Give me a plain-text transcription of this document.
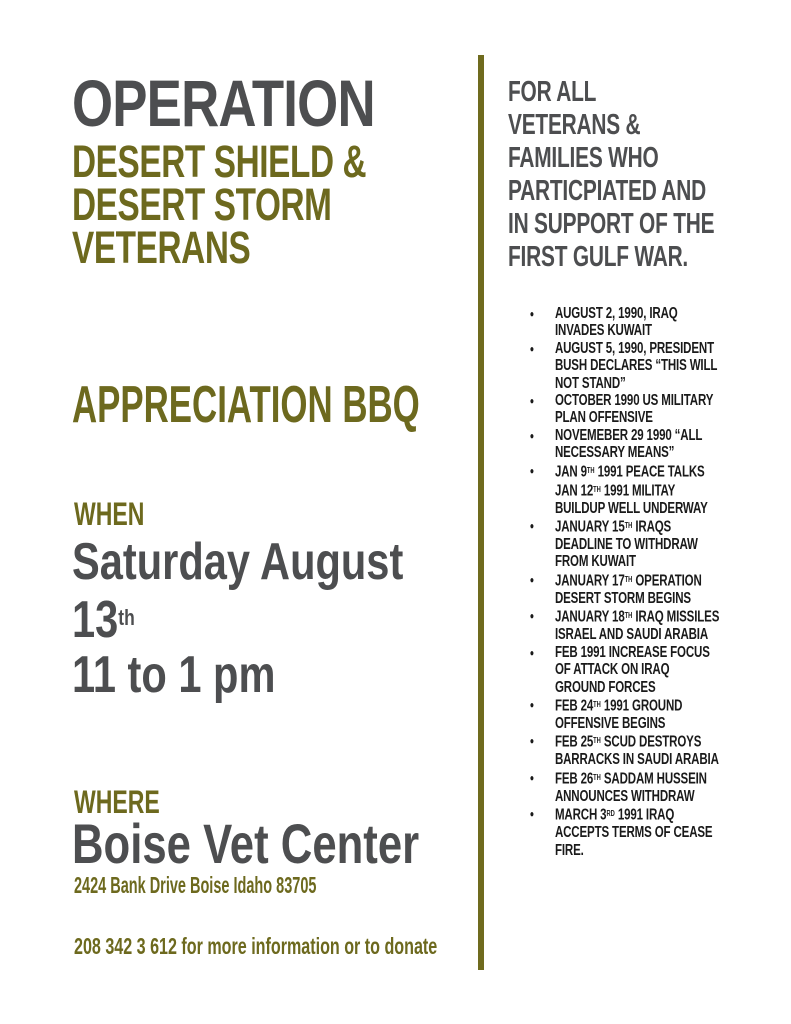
OPERATION
DESERT SHIELD &
DESERT STORM
VETERANS
APPRECIATION BBQ
WHEN
Saturday August
13th
11 to 1 pm
WHERE
Boise Vet Center
2424 Bank Drive Boise Idaho 83705
208 342 3 612 for more information or to donate
FOR ALL
VETERANS &
FAMILIES WHO
PARTICPIATED AND
IN SUPPORT OF THE
FIRST GULF WAR.
● AUGUST 2, 1990, IRAQ INVADES KUWAIT
● AUGUST 5, 1990, PRESIDENT BUSH DECLARES “THIS WILL NOT STAND”
● OCTOBER 1990 US MILITARY PLAN OFFENSIVE
● NOVEMEBER 29 1990 “ALL NECESSARY MEANS”
● JAN 9TH 1991 PEACE TALKS JAN 12TH 1991 MILITAY BUILDUP WELL UNDERWAY
● JANUARY 15TH IRAQS DEADLINE TO WITHDRAW FROM KUWAIT
● JANUARY 17TH OPERATION DESERT STORM BEGINS
● JANUARY 18TH IRAQ MISSILES ISRAEL AND SAUDI ARABIA
● FEB 1991 INCREASE FOCUS OF ATTACK ON IRAQ GROUND FORCES
● FEB 24TH 1991 GROUND OFFENSIVE BEGINS
● FEB 25TH SCUD DESTROYS BARRACKS IN SAUDI ARABIA
● FEB 26TH SADDAM HUSSEIN ANNOUNCES WITHDRAW
● MARCH 3RD 1991 IRAQ ACCEPTS TERMS OF CEASE FIRE.
